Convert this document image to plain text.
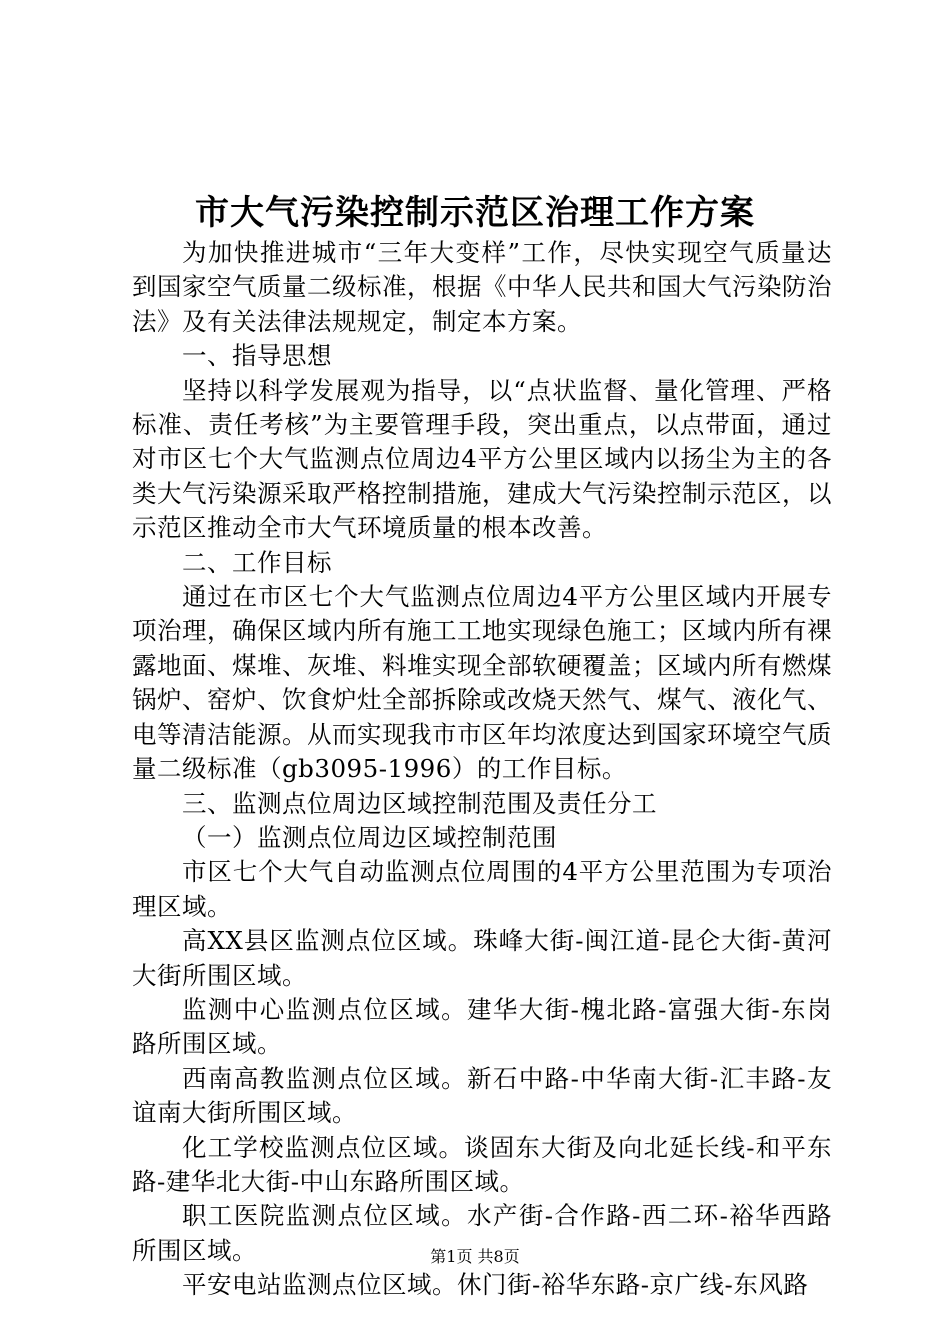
市大气污染控制示范区治理工作方案

为加快推进城市“三年大变样”工作，尽快实现空气质量达到国家空气质量二级标准，根据《中华人民共和国大气污染防治法》及有关法律法规规定，制定本方案。

一、指导思想

坚持以科学发展观为指导，以“点状监督、量化管理、严格标准、责任考核”为主要管理手段，突出重点，以点带面，通过对市区七个大气监测点位周边4平方公里区域内以扬尘为主的各类大气污染源采取严格控制措施，建成大气污染控制示范区，以示范区推动全市大气环境质量的根本改善。

二、工作目标

通过在市区七个大气监测点位周边4平方公里区域内开展专项治理，确保区域内所有施工工地实现绿色施工；区域内所有裸露地面、煤堆、灰堆、料堆实现全部软硬覆盖；区域内所有燃煤锅炉、窑炉、饮食炉灶全部拆除或改烧天然气、煤气、液化气、电等清洁能源。从而实现我市市区年均浓度达到国家环境空气质量二级标准（gb3095-1996）的工作目标。

三、监测点位周边区域控制范围及责任分工

（一）监测点位周边区域控制范围

市区七个大气自动监测点位周围的4平方公里范围为专项治理区域。

高XX县区监测点位区域。珠峰大街-闽江道-昆仑大街-黄河大街所围区域。

监测中心监测点位区域。建华大街-槐北路-富强大街-东岗路所围区域。

西南高教监测点位区域。新石中路-中华南大街-汇丰路-友谊南大街所围区域。

化工学校监测点位区域。谈固东大街及向北延长线-和平东路-建华北大街-中山东路所围区域。

职工医院监测点位区域。水产街-合作路-西二环-裕华西路所围区域。

平安电站监测点位区域。休门街-裕华东路-京广线-东风路

第1页 共8页
